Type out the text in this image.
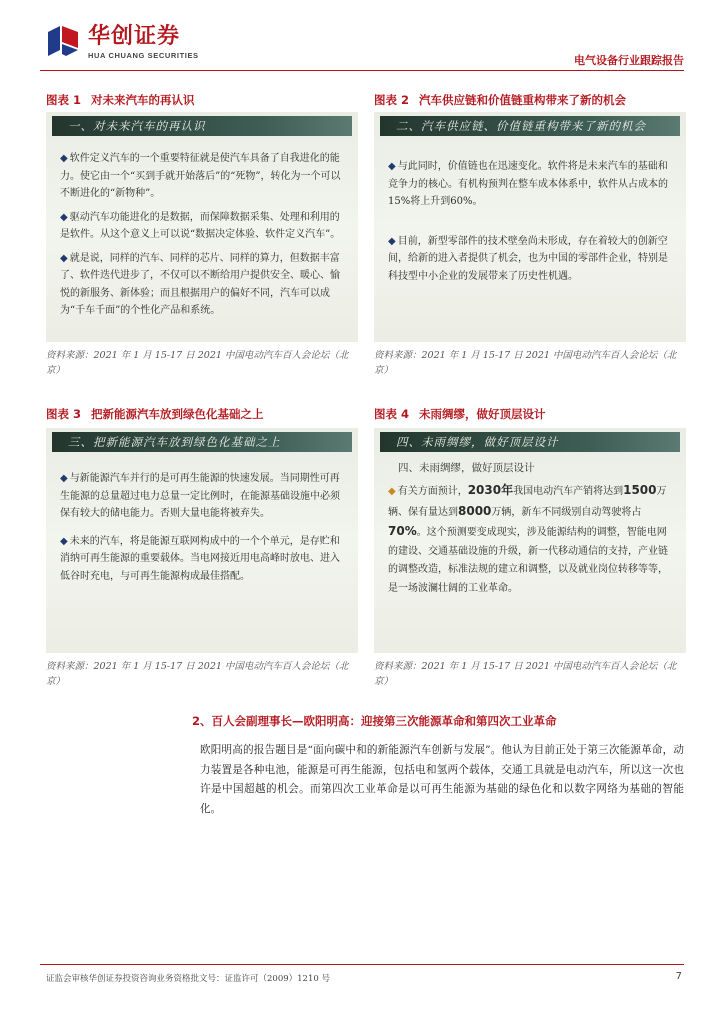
华创证券
HUA CHUANG SECURITIES	电气设备行业跟踪报告
图表 1 对未来汽车的再认识
一、对未来汽车的再认识

◆ 软件定义汽车的一个重要特征就是使汽车具备了自我进化的能力。使它由一个“买到手就开始落后”的“死物”，转化为一个可以不断进化的“新物种”。

◆ 驱动汽车功能进化的是数据，而保障数据采集、处理和利用的是软件。从这个意义上可以说“数据决定体验、软件定义汽车”。

◆ 就是说，同样的汽车、同样的芯片、同样的算力，但数据丰富了、软件迭代进步了，不仅可以不断给用户提供安全、暖心、愉悦的新服务、新体验；而且根据用户的偏好不同，汽车可以成为“千车千面”的个性化产品和系统。

资料来源：2021 年 1 月 15-17 日 2021 中国电动汽车百人会论坛（北京）
图表 2 汽车供应链和价值链重构带来了新的机会
二、汽车供应链、价值链重构带来了新的机会

◆ 与此同时，价值链也在迅速变化。软件将是未来汽车的基础和竞争力的核心。有机构预判在整车成本体系中，软件从占成本的15%将上升到60%。

◆ 目前，新型零部件的技术壁垒尚未形成，存在着较大的创新空间，给新的进入者提供了机会，也为中国的零部件企业，特别是科技型中小企业的发展带来了历史性机遇。

资料来源：2021 年 1 月 15-17 日 2021 中国电动汽车百人会论坛（北京）
图表 3 把新能源汽车放到绿色化基础之上
三、把新能源汽车放到绿色化基础之上

◆ 与新能源汽车并行的是可再生能源的快速发展。当同期性可再生能源的总量超过电力总量一定比例时，在能源基础设施中必须保有较大的储电能力。否则大量电能将被弃失。

◆ 未来的汽车，将是能源互联网构成中的一个个单元，是存贮和消纳可再生能源的重要载体。当电网接近用电高峰时放电、进入低谷时充电，与可再生能源构成最佳搭配。

资料来源：2021 年 1 月 15-17 日 2021 中国电动汽车百人会论坛（北京）
图表 4 未雨绸缪，做好顶层设计
四、未雨绸缪，做好顶层设计
四、未雨绸缪，做好顶层设计

◆ 有关方面预计，2030年我国电动汽车产销将达到1500万辆、保有量达到8000万辆，新车不同级别自动驾驶将占70%。这个预测要变成现实，涉及能源结构的调整，智能电网的建设、交通基础设施的升级，新一代移动通信的支持，产业链的调整改造，标准法规的建立和调整，以及就业岗位转移等等，是一场波澜壮阔的工业革命。

资料来源：2021 年 1 月 15-17 日 2021 中国电动汽车百人会论坛（北京）
2、百人会副理事长—欧阳明高：迎接第三次能源革命和第四次工业革命
欧阳明高的报告题目是“面向碳中和的新能源汽车创新与发展”。他认为目前正处于第三次能源革命，动力装置是各种电池，能源是可再生能源，包括电和氢两个载体，交通工具就是电动汽车，所以这一次也许是中国超越的机会。而第四次工业革命是以可再生能源为基础的绿色化和以数字网络为基础的智能化。
证监会审核华创证券投资咨询业务资格批文号：证监许可（2009）1210 号	7
